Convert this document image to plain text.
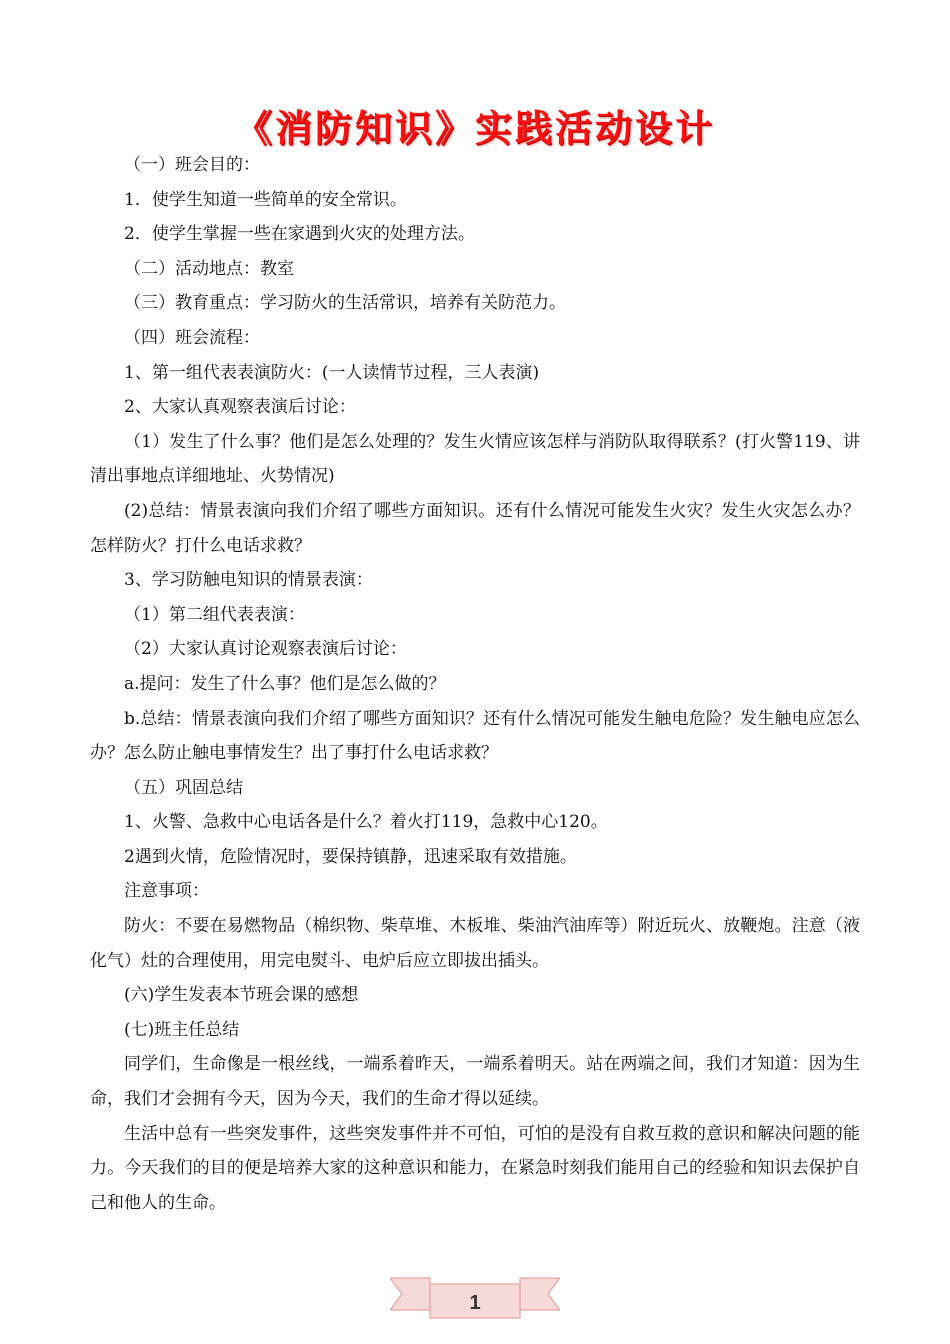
《消防知识》实践活动设计

（一）班会目的：

1．使学生知道一些简单的安全常识。

2．使学生掌握一些在家遇到火灾的处理方法。

（二）活动地点：教室

（三）教育重点：学习防火的生活常识，培养有关防范力。

（四）班会流程：

1、第一组代表表演防火：(一人读情节过程，三人表演)

2、大家认真观察表演后讨论：

（1）发生了什么事？他们是怎么处理的？发生火情应该怎样与消防队取得联系？(打火警119、讲清出事地点详细地址、火势情况)

(2)总结：情景表演向我们介绍了哪些方面知识。还有什么情况可能发生火灾？发生火灾怎么办？怎样防火？打什么电话求救？

3、学习防触电知识的情景表演：

（1）第二组代表表演：

（2）大家认真讨论观察表演后讨论：

a.提问：发生了什么事？他们是怎么做的？

b.总结：情景表演向我们介绍了哪些方面知识？还有什么情况可能发生触电危险？发生触电应怎么办？怎么防止触电事情发生？出了事打什么电话求救？

（五）巩固总结

1、火警、急救中心电话各是什么？着火打119，急救中心120。

2遇到火情，危险情况时，要保持镇静，迅速采取有效措施。

注意事项：

防火：不要在易燃物品（棉织物、柴草堆、木板堆、柴油汽油库等）附近玩火、放鞭炮。注意（液化气）灶的合理使用，用完电熨斗、电炉后应立即拔出插头。

(六)学生发表本节班会课的感想

(七)班主任总结

同学们，生命像是一根丝线，一端系着昨天，一端系着明天。站在两端之间，我们才知道：因为生命，我们才会拥有今天，因为今天，我们的生命才得以延续。

生活中总有一些突发事件，这些突发事件并不可怕，可怕的是没有自救互救的意识和解决问题的能力。今天我们的目的便是培养大家的这种意识和能力，在紧急时刻我们能用自己的经验和知识去保护自己和他人的生命。

1
